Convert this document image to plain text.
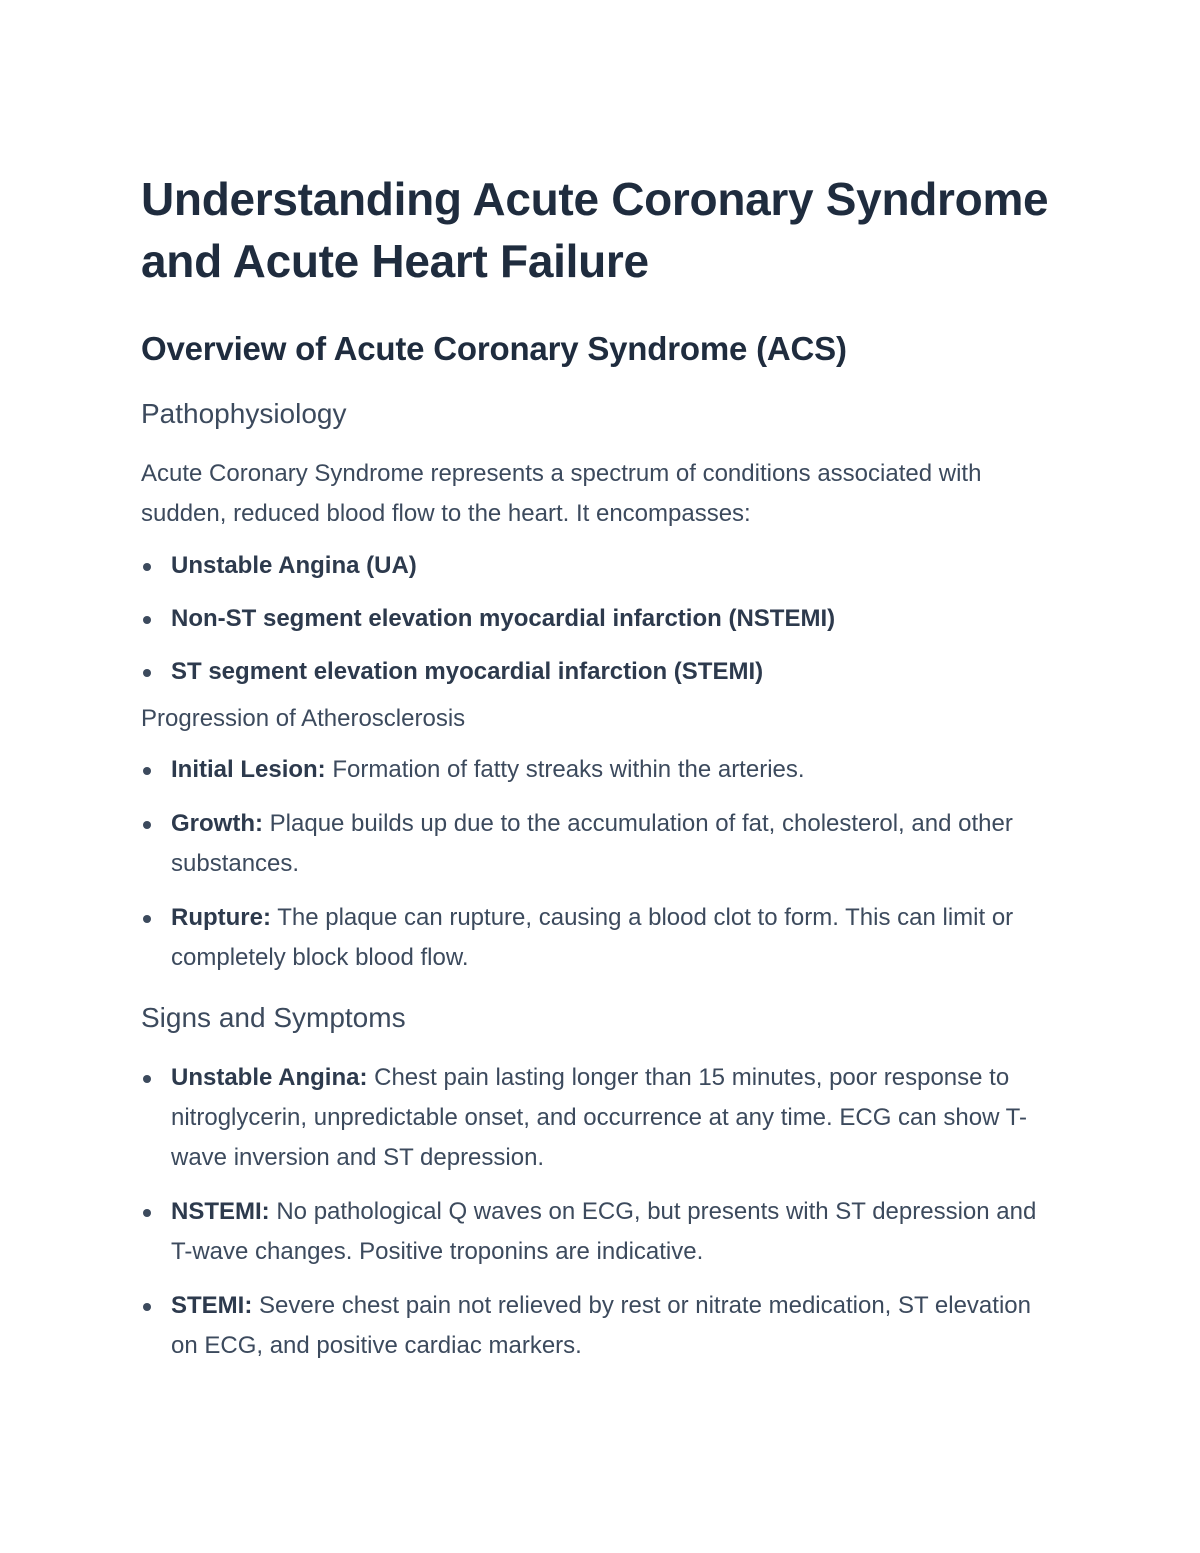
Understanding Acute Coronary Syndrome and Acute Heart Failure
Overview of Acute Coronary Syndrome (ACS)
Pathophysiology

Acute Coronary Syndrome represents a spectrum of conditions associated with sudden, reduced blood flow to the heart. It encompasses:

Unstable Angina (UA)
Non-ST segment elevation myocardial infarction (NSTEMI)
ST segment elevation myocardial infarction (STEMI)
Progression of Atherosclerosis
Initial Lesion: Formation of fatty streaks within the arteries.
Growth: Plaque builds up due to the accumulation of fat, cholesterol, and other substances.
Rupture: The plaque can rupture, causing a blood clot to form. This can limit or completely block blood flow.
Signs and Symptoms
Unstable Angina: Chest pain lasting longer than 15 minutes, poor response to nitroglycerin, unpredictable onset, and occurrence at any time. ECG can show T-wave inversion and ST depression.
NSTEMI: No pathological Q waves on ECG, but presents with ST depression and T-wave changes. Positive troponins are indicative.
STEMI: Severe chest pain not relieved by rest or nitrate medication, ST elevation on ECG, and positive cardiac markers.
